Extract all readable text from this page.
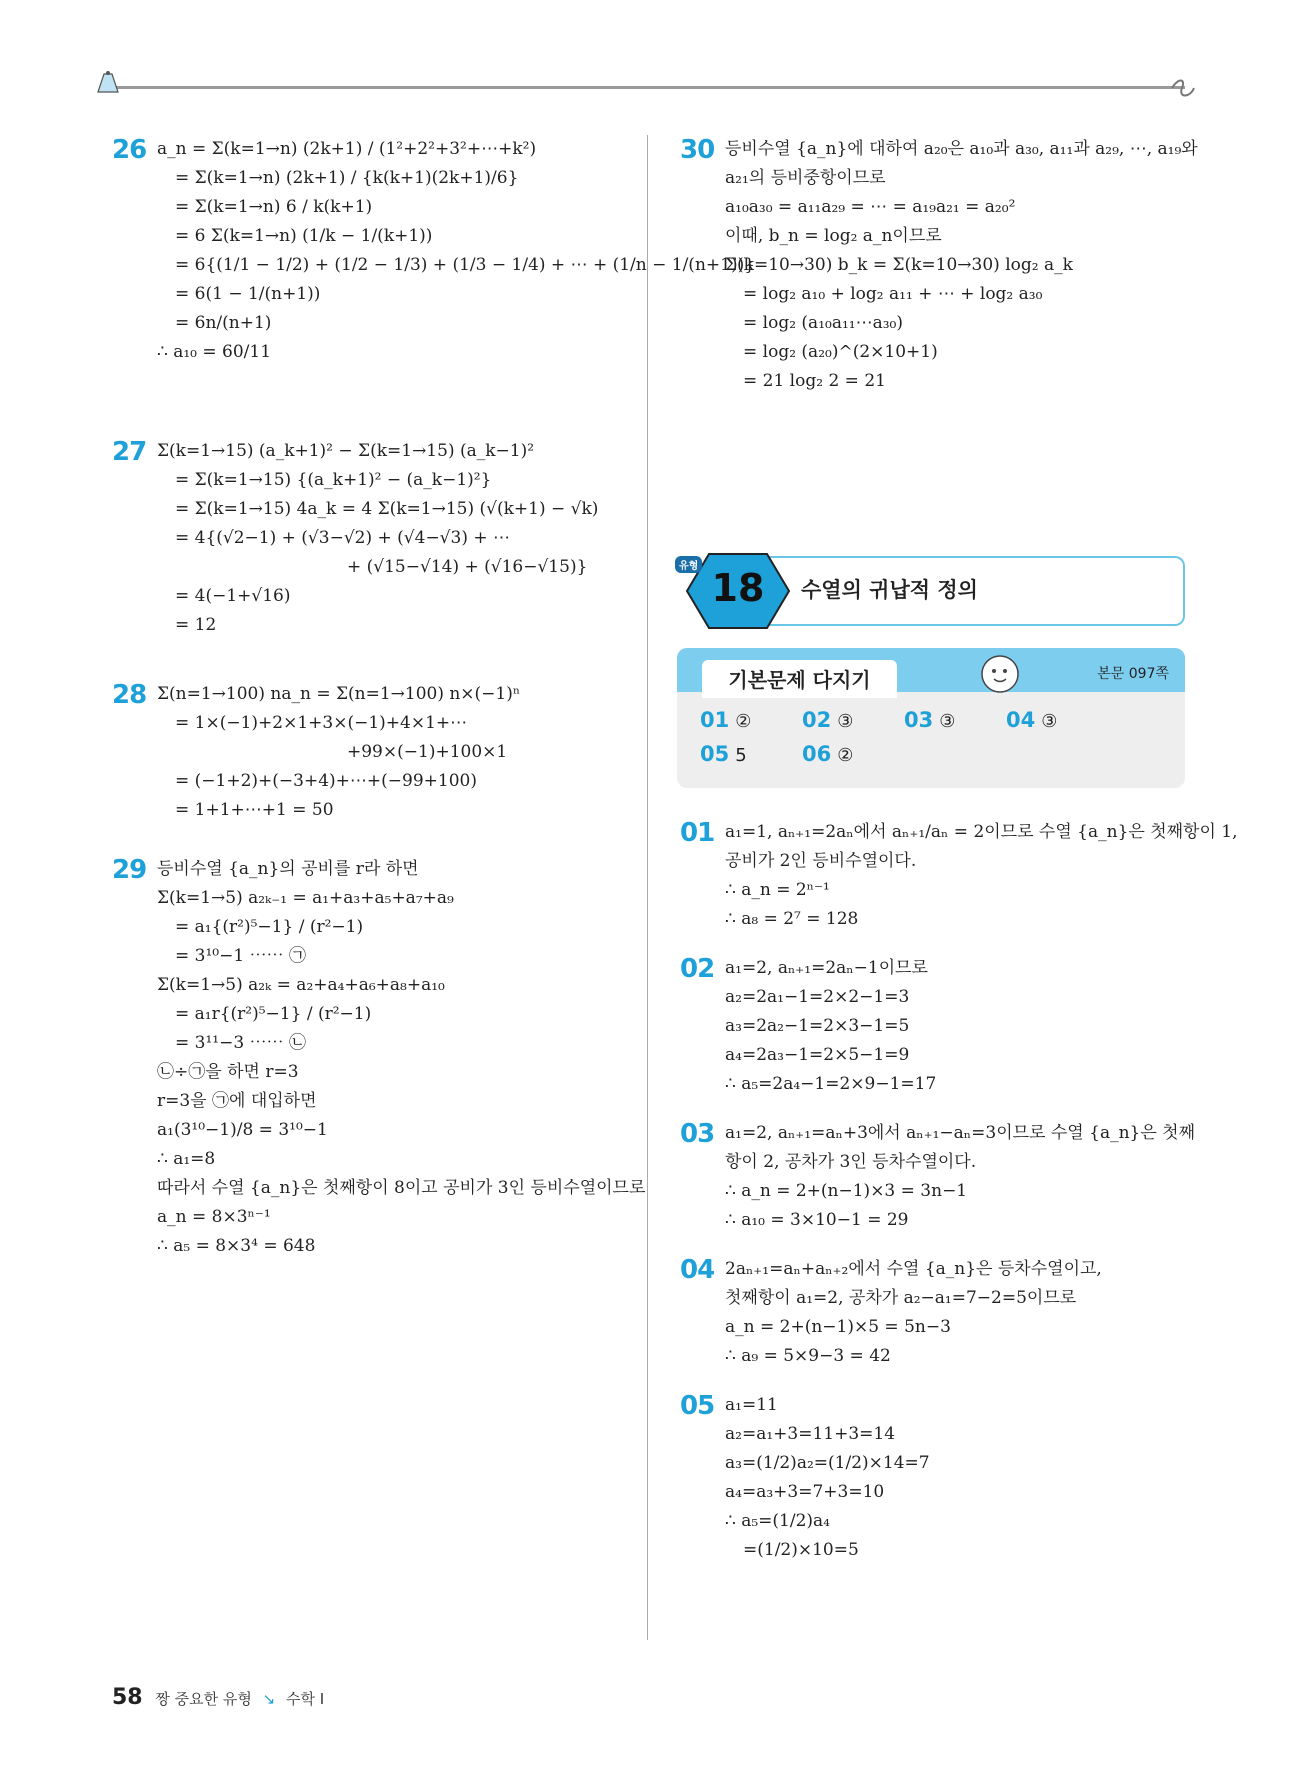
26 a_n = Σ(k=1→n) (2k+1) / (1²+2²+3²+⋯+k²)
= Σ(k=1→n) (2k+1) / {k(k+1)(2k+1)/6}
= Σ(k=1→n) 6 / k(k+1)
= 6 Σ(k=1→n) (1/k − 1/(k+1))
= 6{(1/1 − 1/2) + (1/2 − 1/3) + (1/3 − 1/4) + ⋯ + (1/n − 1/(n+1))}
= 6(1 − 1/(n+1))
= 6n/(n+1)
∴ a₁₀ = 60/11
27 Σ(k=1→15) (a_k+1)² − Σ(k=1→15) (a_k−1)²
= Σ(k=1→15) {(a_k+1)² − (a_k−1)²}
= Σ(k=1→15) 4a_k = 4 Σ(k=1→15) (√(k+1) − √k)
= 4{(√2−1) + (√3−√2) + (√4−√3) + ⋯
+ (√15−√14) + (√16−√15)}
= 4(−1+√16)
= 12
28 Σ(n=1→100) na_n = Σ(n=1→100) n×(−1)ⁿ
= 1×(−1)+2×1+3×(−1)+4×1+⋯
+99×(−1)+100×1
= (−1+2)+(−3+4)+⋯+(−99+100)
= 1+1+⋯+1 = 50
29 등비수열 {a_n}의 공비를 r라 하면
Σ(k=1→5) a₂ₖ₋₁ = a₁+a₃+a₅+a₇+a₉
= a₁{(r²)⁵−1} / (r²−1)
= 3¹⁰−1 ⋯⋯ ㉠
Σ(k=1→5) a₂ₖ = a₂+a₄+a₆+a₈+a₁₀
= a₁r{(r²)⁵−1} / (r²−1)
= 3¹¹−3 ⋯⋯ ㉡
㉡÷㉠을 하면 r=3
r=3을 ㉠에 대입하면
a₁(3¹⁰−1)/8 = 3¹⁰−1
∴ a₁=8
따라서 수열 {a_n}은 첫째항이 8이고 공비가 3인 등비수열이므로
a_n = 8×3ⁿ⁻¹
∴ a₅ = 8×3⁴ = 648
30 등비수열 {a_n}에 대하여 a₂₀은 a₁₀과 a₃₀, a₁₁과 a₂₉, ⋯, a₁₉와
a₂₁의 등비중항이므로
a₁₀a₃₀ = a₁₁a₂₉ = ⋯ = a₁₉a₂₁ = a₂₀²
이때, b_n = log₂ a_n이므로
Σ(k=10→30) b_k = Σ(k=10→30) log₂ a_k
= log₂ a₁₀ + log₂ a₁₁ + ⋯ + log₂ a₃₀
= log₂ (a₁₀a₁₁⋯a₃₀)
= log₂ (a₂₀)^(2×10+1)
= 21 log₂ 2 = 21
유형 18	수열의 귀납적 정의
기본문제 다지기	본문 097쪽
01 ② 02 ③ 03 ③ 04 ③
05 5	06 ②
01 a₁=1, aₙ₊₁=2aₙ에서 aₙ₊₁/aₙ = 2이므로 수열 {a_n}은 첫째항이 1,
공비가 2인 등비수열이다.
∴ a_n = 2ⁿ⁻¹
∴ a₈ = 2⁷ = 128
02 a₁=2, aₙ₊₁=2aₙ−1이므로
a₂=2a₁−1=2×2−1=3
a₃=2a₂−1=2×3−1=5
a₄=2a₃−1=2×5−1=9
∴ a₅=2a₄−1=2×9−1=17
03 a₁=2, aₙ₊₁=aₙ+3에서 aₙ₊₁−aₙ=3이므로 수열 {a_n}은 첫째
항이 2, 공차가 3인 등차수열이다.
∴ a_n = 2+(n−1)×3 = 3n−1
∴ a₁₀ = 3×10−1 = 29
04 2aₙ₊₁=aₙ+aₙ₊₂에서 수열 {a_n}은 등차수열이고,
첫째항이 a₁=2, 공차가 a₂−a₁=7−2=5이므로
a_n = 2+(n−1)×5 = 5n−3
∴ a₉ = 5×9−3 = 42
05 a₁=11
a₂=a₁+3=11+3=14
a₃=(1/2)a₂=(1/2)×14=7
a₄=a₃+3=7+3=10
∴ a₅=(1/2)a₄
=(1/2)×10=5
58 짱 중요한 유형 ↘ 수학 I
